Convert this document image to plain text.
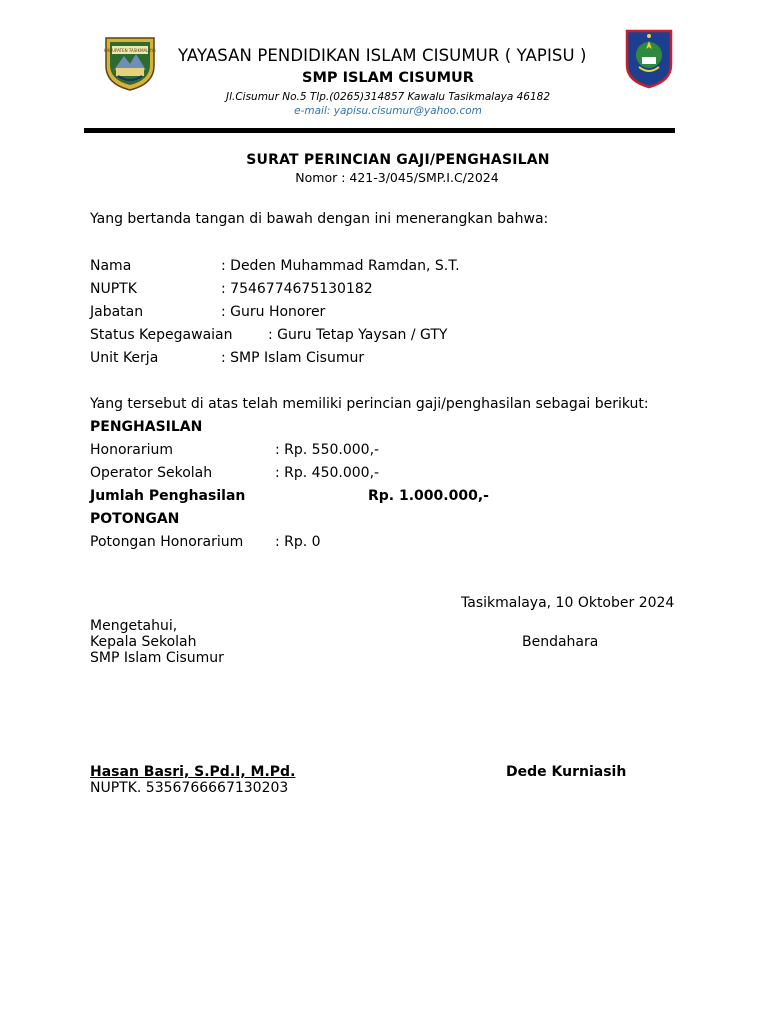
KABUPATEN TASIKMALAYA YAYASAN PENDIDIKAN ISLAM CISUMUR ( YAPISU )
SMP ISLAM CISUMUR
Jl.Cisumur No.5 Tlp.(0265)314857 Kawalu Tasikmalaya 46182
e-mail: yapisu.cisumur@yahoo.com
SURAT PERINCIAN GAJI/PENGHASILAN
Nomor : 421-3/045/SMP.I.C/2024
Yang bertanda tangan di bawah dengan ini menerangkan bahwa:
Nama	: Deden Muhammad Ramdan, S.T.
NUPTK	: 7546774675130182
Jabatan	: Guru Honorer
Status Kepegawaian	: Guru Tetap Yaysan / GTY
Unit Kerja	: SMP Islam Cisumur
Yang tersebut di atas telah memiliki perincian gaji/penghasilan sebagai berikut:
PENGHASILAN
Honorarium	: Rp. 550.000,-
Operator Sekolah	: Rp. 450.000,-
Jumlah Penghasilan	Rp. 1.000.000,-
POTONGAN
Potongan Honorarium : Rp. 0
Tasikmalaya, 10 Oktober 2024
Mengetahui,
Kepala Sekolah
SMP Islam Cisumur
Bendahara
Hasan Basri, S.Pd.I, M.Pd.
NUPTK. 5356766667130203
Dede Kurniasih
